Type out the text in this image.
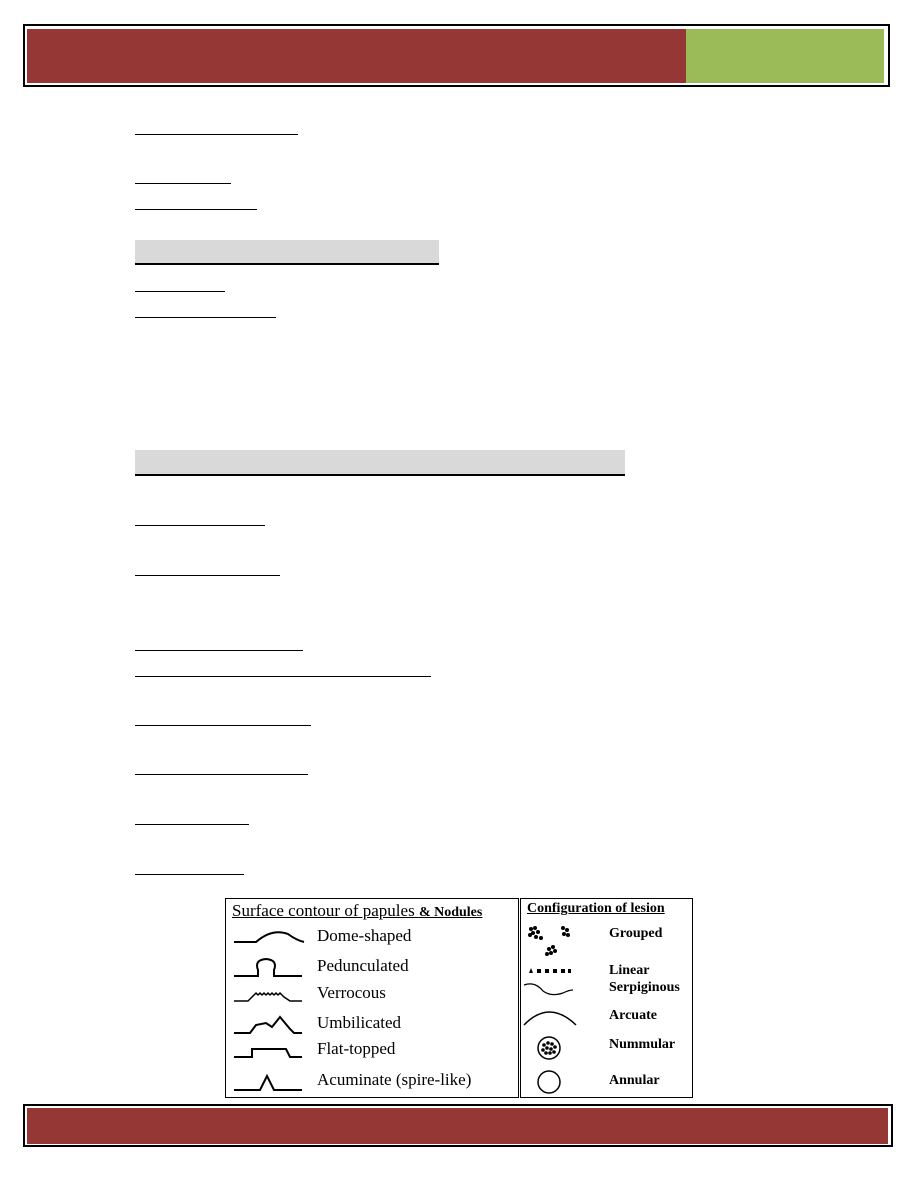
Surface contour of papules & Nodules
Dome-shaped
Pedunculated
Verrocous
Umbilicated
Flat-topped
Acuminate (spire-like)
Configuration of lesion
Grouped
Linear
Serpiginous
Arcuate
Nummular
Annular
